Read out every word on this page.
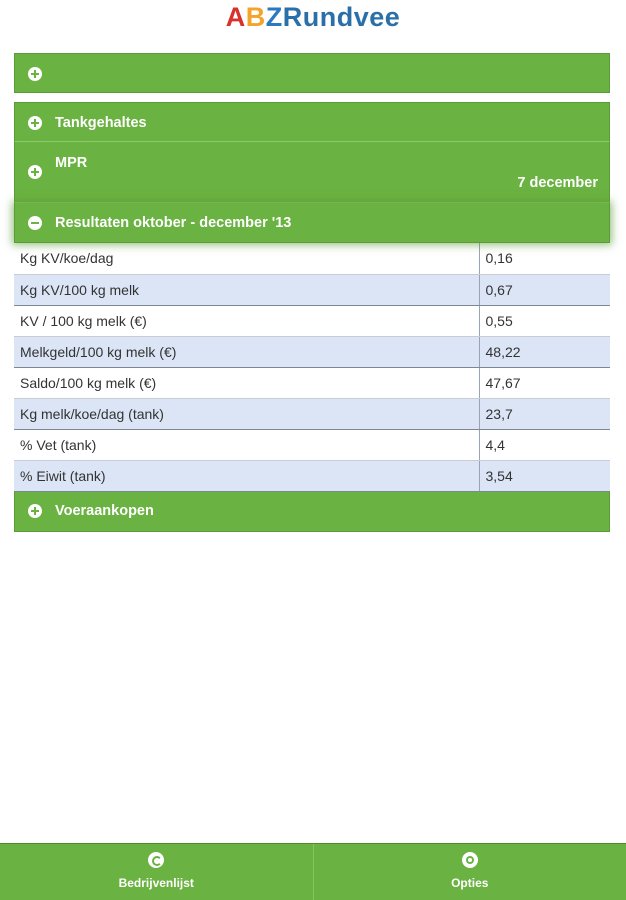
ABZRundvee
Tankgehaltes
MPR
7 december
Resultaten oktober - december '13
Kg KV/koe/dag	0,16
Kg KV/100 kg melk	0,67
KV / 100 kg melk (€)	0,55
Melkgeld/100 kg melk (€)	48,22
Saldo/100 kg melk (€)	47,67
Kg melk/koe/dag (tank)	23,7
% Vet (tank)	4,4
% Eiwit (tank)	3,54
Voeraankopen
Bedrijvenlijst	Opties
